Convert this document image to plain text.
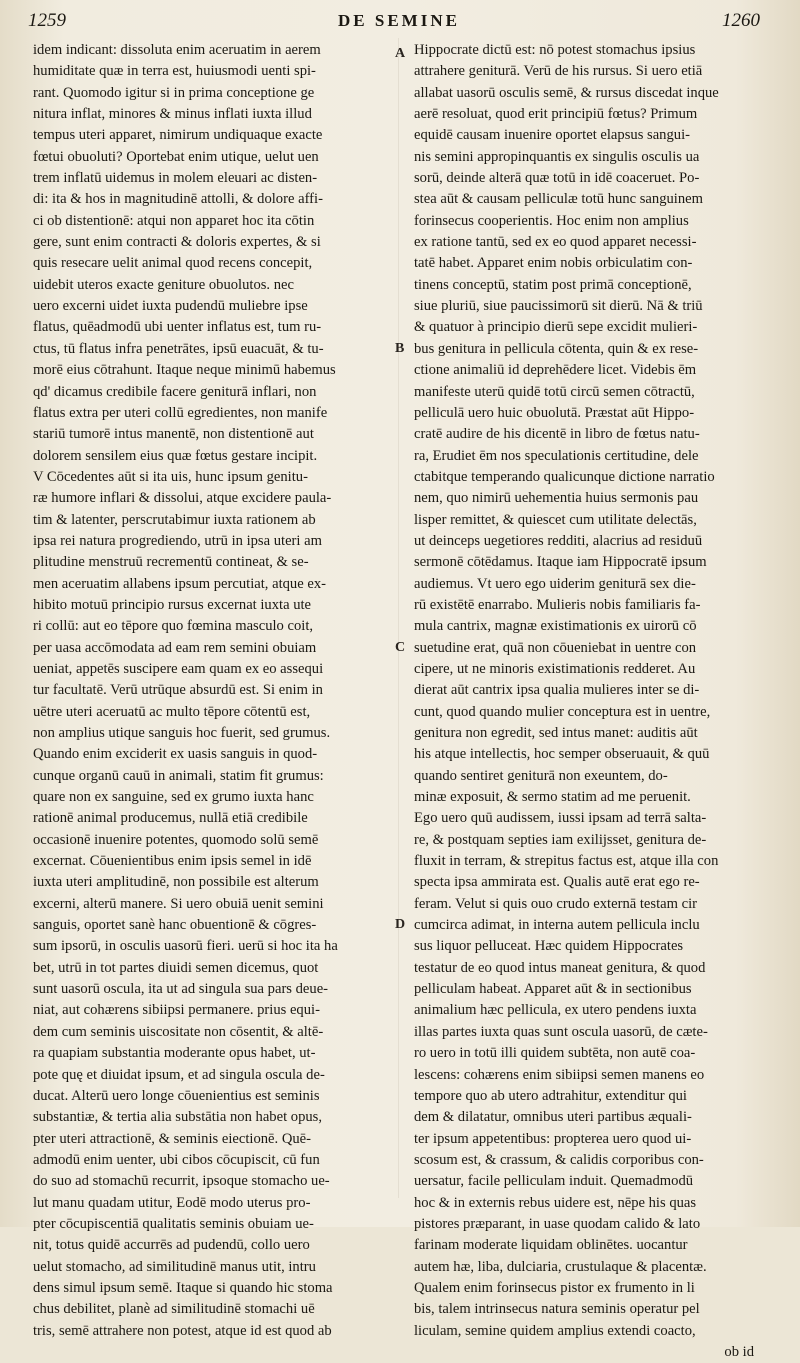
1259	DE SEMINE	1260
idem indicant: dissoluta enim aceruatim in aerem
humiditate quæ in terra est, huiusmodi uenti spi-
rant. Quomodo igitur si in prima conceptione ge
nitura inflat, minores & minus inflati iuxta illud
tempus uteri apparet, nimirum undiquaque exacte
fœtui obuoluti? Oportebat enim utique, uelut uen
trem inflatū uidemus in molem eleuari ac disten-
di: ita & hos in magnitudinē attolli, & dolore affi-
ci ob distentionē: atqui non apparet hoc ita cōtin
gere, sunt enim contracti & doloris expertes, & si
quis resecare uelit animal quod recens concepit,
uidebit uteros exacte geniture obuolutos. nec
uero excerni uidet iuxta pudendū muliebre ipse
flatus, quēadmodū ubi uenter inflatus est, tum ru-
ctus, tū flatus infra penetrātes, ipsū euacuāt, & tu-
morē eius cōtrahunt. Itaque neque minimū habemus
qd' dicamus credibile facere geniturā inflari, non
flatus extra per uteri collū egredientes, non manife
stariū tumorē intus manentē, non distentionē aut
dolorem sensilem eius quæ fœtus gestare incipit.
V Cōcedentes aūt si ita uis, hunc ipsum genitu-
ræ humore inflari & dissolui, atque excidere paula-
tim & latenter, perscrutabimur iuxta rationem ab
ipsa rei natura progrediendo, utrū in ipsa uteri am
plitudine menstruū recrementū contineat, & se-
men aceruatim allabens ipsum percutiat, atque ex-
hibito motuū principio rursus excernat iuxta ute
ri collū: aut eo tēpore quo fœmina masculo coit,
per uasa accōmodata ad eam rem semini obuiam
ueniat, appetēs suscipere eam quam ex eo assequi
tur facultatē. Verū utrūque absurdū est. Si enim in
uētre uteri aceruatū ac multo tēpore cōtentū est,
non amplius utique sanguis hoc fuerit, sed grumus.
Quando enim exciderit ex uasis sanguis in quod-
cunque organū cauū in animali, statim fit grumus:
quare non ex sanguine, sed ex grumo iuxta hanc
rationē animal producemus, nullā etiā credibile
occasionē inuenire potentes, quomodo solū semē
excernat. Cōuenientibus enim ipsis semel in idē
iuxta uteri amplitudinē, non possibile est alterum
excerni, alterū manere. Si uero obuiā uenit semini
sanguis, oportet sanè hanc obuentionē & cōgres-
sum ipsorū, in osculis uasorū fieri. uerū si hoc ita ha
bet, utrū in tot partes diuidi semen dicemus, quot
sunt uasorū oscula, ita ut ad singula sua pars deue-
niat, aut cohærens sibiipsi permanere. prius equi-
dem cum seminis uiscositate non cōsentit, & altē-
ra quapiam substantia moderante opus habet, ut-
pote quę et diuidat ipsum, et ad singula oscula de-
ducat. Alterū uero longe cōuenientius est seminis
substantiæ, & tertia alia substātia non habet opus,
pter uteri attractionē, & seminis eiectionē. Quē-
admodū enim uenter, ubi cibos cōcupiscit, cū fun
do suo ad stomachū recurrit, ipsoque stomacho ue-
lut manu quadam utitur, Eodē modo uterus pro-
pter cōcupiscentiā qualitatis seminis obuiam ue-
nit, totus quidē accurrēs ad pudendū, collo uero
uelut stomacho, ad similitudinē manus utit, intru
dens simul ipsum semē. Itaque si quando hic stoma
chus debilitet, planè ad similitudinē stomachi uē
tris, semē attrahere non potest, atque id est quod ab
Hippocrate dictū est: nō potest stomachus ipsius
attrahere geniturā. Verū de his rursus. Si uero etiā
allabat uasorū osculis semē, & rursus discedat inque
aerē resoluat, quod erit principiū fœtus? Primum
equidē causam inuenire oportet elapsus sangui-
nis semini appropinquantis ex singulis osculis ua
sorū, deinde alterā quæ totū in idē coaceruet. Po-
stea aūt & causam pelliculæ totū hunc sanguinem
forinsecus cooperientis. Hoc enim non amplius
ex ratione tantū, sed ex eo quod apparet necessi-
tatē habet. Apparet enim nobis orbiculatim con-
tinens conceptū, statim post primā conceptionē,
siue pluriū, siue paucissimorū sit dierū. Nā & triū
& quatuor à principio dierū sepe excidit mulieri-
bus genitura in pellicula cōtenta, quin & ex rese-
ctione animaliū id deprehēdere licet. Videbis ēm
manifeste uterū quidē totū circū semen cōtractū,
pelliculā uero huic obuolutā. Præstat aūt Hippo-
cratē audire de his dicentē in libro de fœtus natu-
ra, Erudiet ēm nos speculationis certitudine, dele
ctabitque temperando qualicunque dictione narratio
nem, quo nimirū uehementia huius sermonis pau
lisper remittet, & quiescet cum utilitate delectās,
ut deinceps uegetiores redditi, alacrius ad residuū
sermonē cōtēdamus. Itaque iam Hippocratē ipsum
audiemus. Vt uero ego uiderim geniturā sex die-
rū existētē enarrabo. Mulieris nobis familiaris fa-
mula cantrix, magnæ existimationis ex uirorū cō
suetudine erat, quā non cōueniebat in uentre con
cipere, ut ne minoris existimationis redderet. Au
dierat aūt cantrix ipsa qualia mulieres inter se di-
cunt, quod quando mulier conceptura est in uentre,
genitura non egredit, sed intus manet: auditis aūt
his atque intellectis, hoc semper obseruauit, & quū
quando sentiret geniturā non exeuntem, do-
minæ exposuit, & sermo statim ad me peruenit.
Ego uero quū audissem, iussi ipsam ad terrā salta-
re, & postquam septies iam exilijsset, genitura de-
fluxit in terram, & strepitus factus est, atque illa con
specta ipsa ammirata est. Qualis autē erat ego re-
feram. Velut si quis ouo crudo externā testam cir
cumcirca adimat, in interna autem pellicula inclu
sus liquor pelluceat. Hæc quidem Hippocrates
testatur de eo quod intus maneat genitura, & quod
pelliculam habeat. Apparet aūt & in sectionibus
animalium hæc pellicula, ex utero pendens iuxta
illas partes iuxta quas sunt oscula uasorū, de cæte-
ro uero in totū illi quidem subtēta, non autē coa-
lescens: cohærens enim sibiipsi semen manens eo
tempore quo ab utero adtrahitur, extenditur qui
dem & dilatatur, omnibus uteri partibus æquali-
ter ipsum appetentibus: propterea uero quod ui-
scosum est, & crassum, & calidis corporibus con-
uersatur, facile pelliculam induit. Quemadmodū
hoc & in externis rebus uidere est, nēpe his quas
pistores præparant, in uase quodam calido & lato
farinam moderate liquidam oblinētes. uocantur
autem hæ, liba, dulciaria, crustulaque & placentæ.
Qualem enim forinsecus pistor ex frumento in li
bis, talem intrinsecus natura seminis operatur pel
liculam, semine quidem amplius extendi coacto,
ob id
A
B
C
D
